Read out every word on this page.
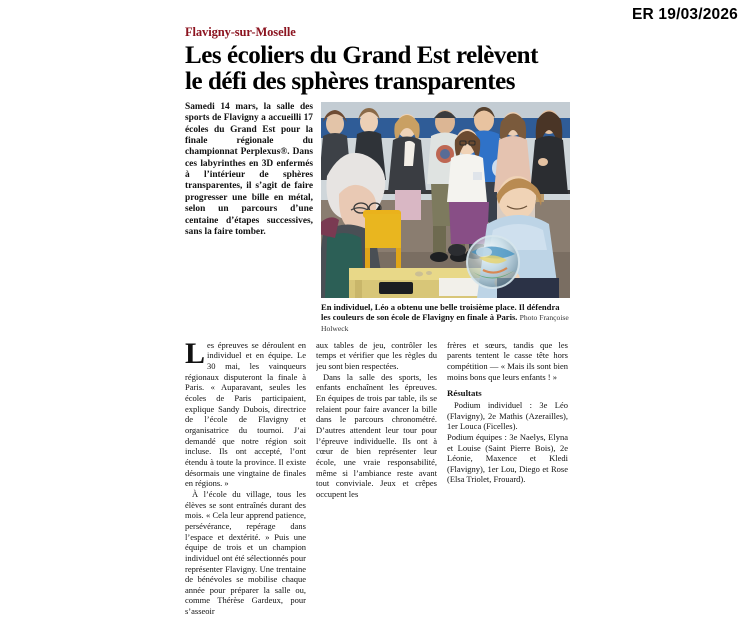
ER 19/03/2026
Flavigny-sur-Moselle
Les écoliers du Grand Est relèvent
le défi des sphères transparentes
Samedi 14 mars, la salle des sports de Flavigny a accueilli 17 écoles du Grand Est pour la finale régionale du championnat Perplexus®. Dans ces labyrinthes en 3D enfermés à l’intérieur de sphères transparentes, il s’agit de faire progresser une bille en métal, selon un parcours d’une centaine d’étapes successives, sans la faire tomber.
En individuel, Léo a obtenu une belle troisième place. Il défendra les couleurs de son école de Flavigny en finale à Paris. Photo Françoise Holweck

Les épreuves se déroulent en individuel et en équipe. Le 30 mai, les vainqueurs régionaux disputeront la finale à Paris. « Auparavant, seules les écoles de Paris participaient, explique Sandy Dubois, directrice de l’école de Flavigny et organisatrice du tournoi. J’ai demandé que notre région soit incluse. Ils ont accepté, l’ont étendu à toute la province. Il existe désormais une vingtaine de finales en régions. »

À l’école du village, tous les élèves se sont entraînés durant des mois. « Cela leur apprend patience, persévérance, repérage dans l’espace et dextérité. » Puis une équipe de trois et un champion individuel ont été sélectionnés pour représenter Flavigny. Une trentaine de bénévoles se mobilise chaque année pour préparer la salle ou, comme Thérèse Gardeux, pour s’asseoir

aux tables de jeu, contrôler les temps et vérifier que les règles du jeu sont bien respectées.

Dans la salle des sports, les enfants enchaînent les épreuves. En équipes de trois par table, ils se relaient pour faire avancer la bille dans le parcours chronométré. D’autres attendent leur tour pour l’épreuve individuelle. Ils ont à cœur de bien représenter leur école, une vraie responsabilité, même si l’ambiance reste avant tout conviviale. Jeux et crêpes occupent les

frères et sœurs, tandis que les parents tentent le casse tête hors compétition — « Mais ils sont bien moins bons que leurs enfants ! »

Résultats

Podium individuel : 3e Léo (Flavigny), 2e Mathis (Azerailles), 1er Louca (Ficelles).

Podium équipes : 3e Naelys, Elyna et Louise (Saint Pierre Bois), 2e Léonie, Maxence et Kledi (Flavigny), 1er Lou, Diego et Rose (Elsa Triolet, Frouard).
